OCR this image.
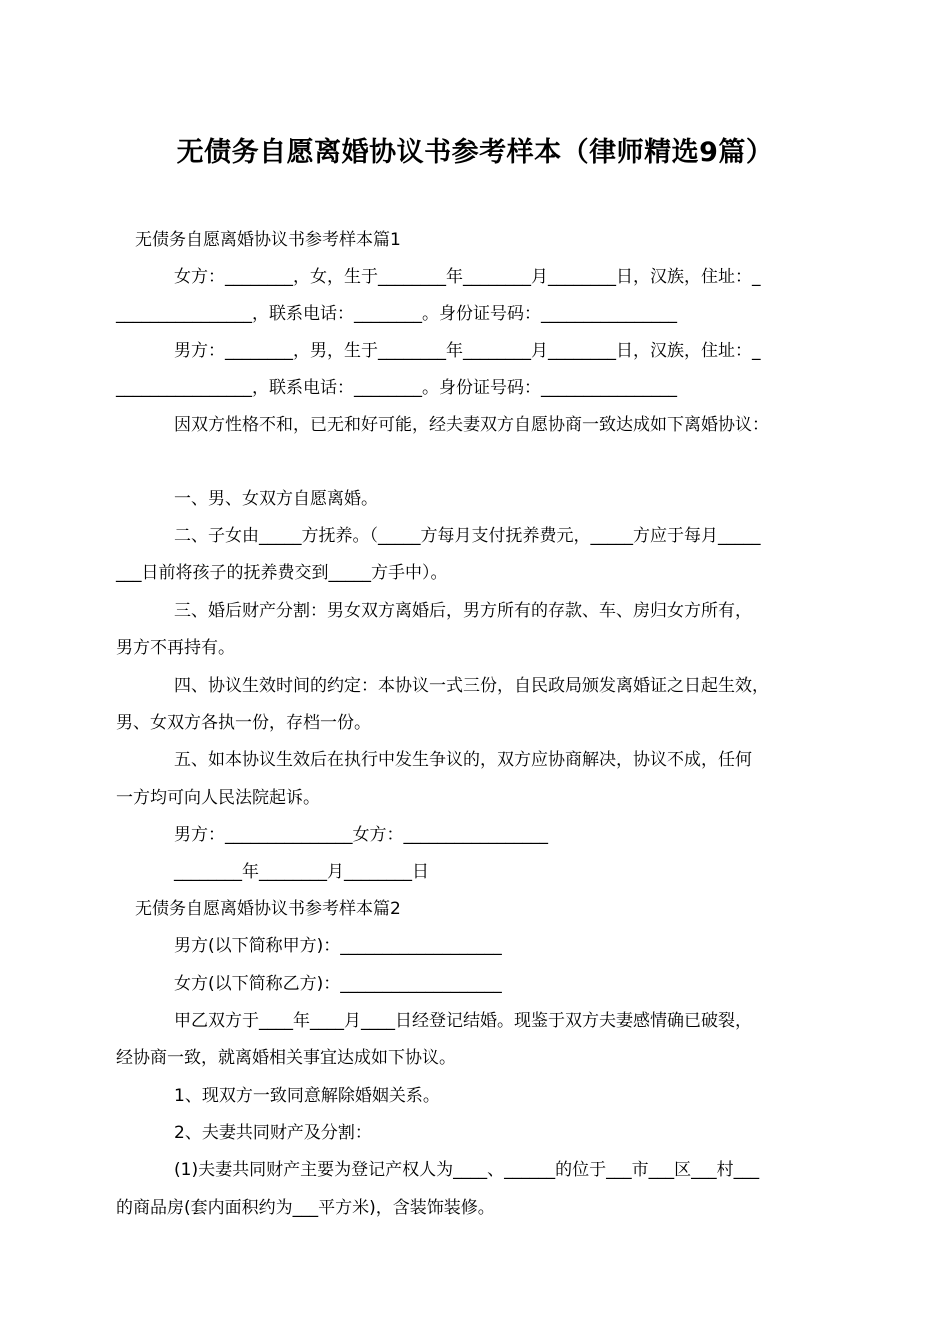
无债务自愿离婚协议书参考样本（律师精选9篇）

无债务自愿离婚协议书参考样本篇1

女方：________，女，生于________年________月________日，汉族，住址：_

________________，联系电话：________。身份证号码：________________

男方：________，男，生于________年________月________日，汉族，住址：_

________________，联系电话：________。身份证号码：________________

因双方性格不和，已无和好可能，经夫妻双方自愿协商一致达成如下离婚协议：

一、男、女双方自愿离婚。

二、子女由_____方抚养。（_____方每月支付抚养费元，_____方应于每月_____

___日前将孩子的抚养费交到_____方手中）。

三、婚后财产分割：男女双方离婚后，男方所有的存款、车、房归女方所有，

男方不再持有。

四、协议生效时间的约定：本协议一式三份，自民政局颁发离婚证之日起生效，

男、女双方各执一份，存档一份。

五、如本协议生效后在执行中发生争议的，双方应协商解决，协议不成，任何

一方均可向人民法院起诉。

男方：_______________女方：_________________

________年________月________日

无债务自愿离婚协议书参考样本篇2

男方(以下简称甲方)：___________________

女方(以下简称乙方)：___________________

甲乙双方于____年____月____日经登记结婚。现鉴于双方夫妻感情确已破裂，

经协商一致，就离婚相关事宜达成如下协议。

1、现双方一致同意解除婚姻关系。

2、夫妻共同财产及分割：

(1)夫妻共同财产主要为登记产权人为____、______的位于___市___区___村___

的商品房(套内面积约为___平方米)，含装饰装修。
